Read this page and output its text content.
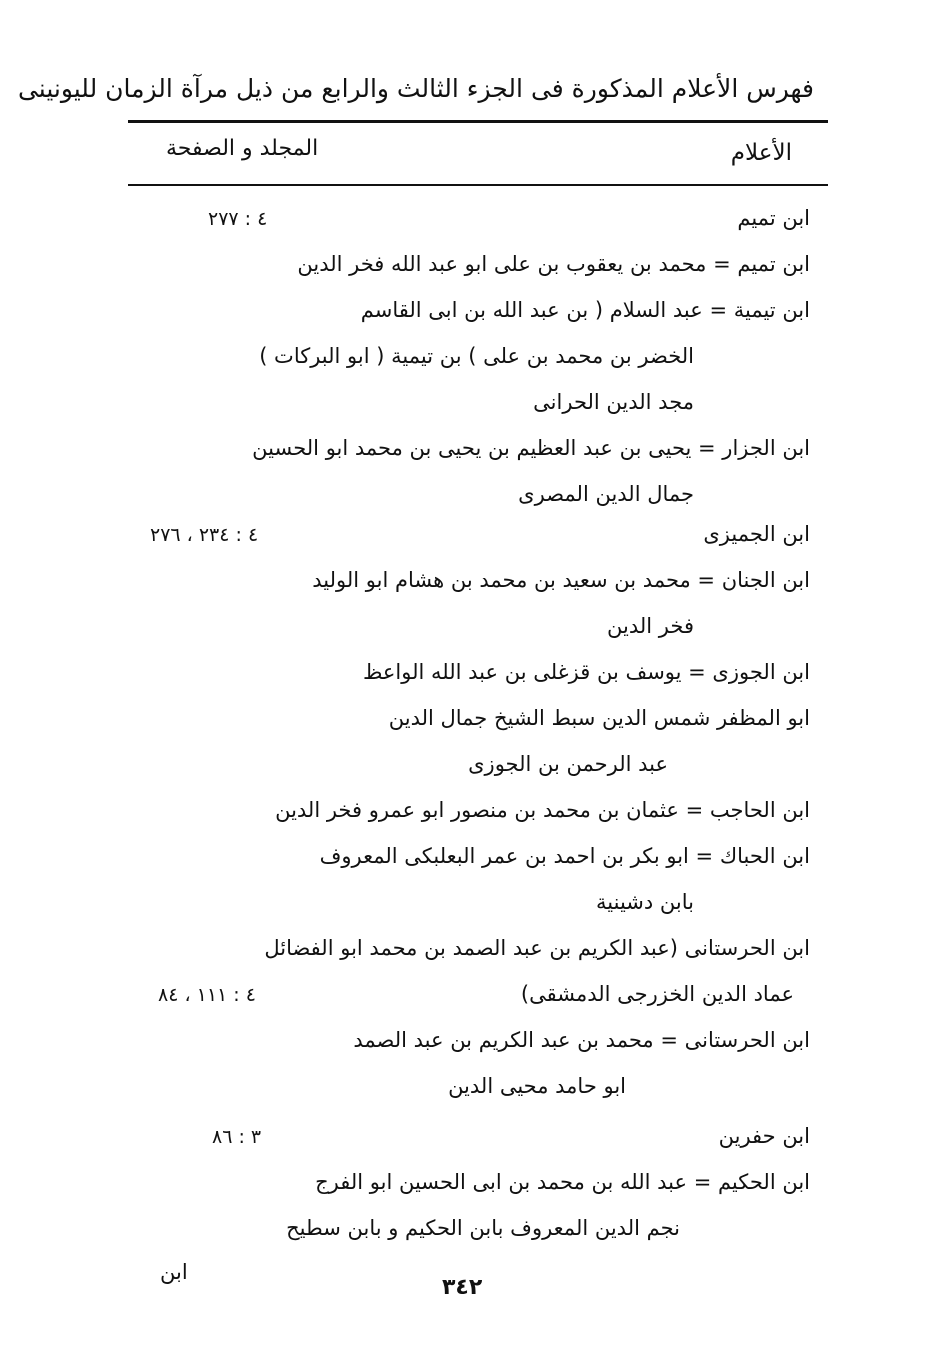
فهرس الأعلام المذكورة فى الجزء الثالث والرابع من ذيل مرآة الزمان لليونينى
الأعلام
المجلد و الصفحة
ابن تميم
ابن تميم = محمد بن يعقوب بن على ابو عبد الله فخر الدين
ابن تيمية = عبد السلام ( بن عبد الله بن ابى القاسم
الخضر بن محمد بن على ) بن تيمية ( ابو البركات )
مجد الدين الحرانى
ابن الجزار = يحيى بن عبد العظيم بن يحيى بن محمد ابو الحسين
جمال الدين المصرى
ابن الجميزى
ابن الجنان = محمد بن سعيد بن محمد بن هشام ابو الوليد
فخر الدين
ابن الجوزى = يوسف بن قزغلى بن عبد الله الواعظ
ابو المظفر شمس الدين سبط الشيخ جمال الدين
عبد الرحمن بن الجوزى
ابن الحاجب = عثمان بن محمد بن منصور ابو عمرو فخر الدين
ابن الحباك = ابو بكر بن احمد بن عمر البعلبكى المعروف
بابن دشينية
ابن الحرستانى (عبد الكريم بن عبد الصمد بن محمد ابو الفضائل
عماد الدين الخزرجى الدمشقى)
ابن الحرستانى = محمد بن عبد الكريم بن عبد الصمد
ابو حامد محيى الدين
ابن حفرين
ابن الحكيم = عبد الله بن محمد بن ابى الحسين ابو الفرج
نجم الدين المعروف بابن الحكيم و بابن سطيح
٤ : ٢٧٧
٤ : ٢٣٤ ، ٢٧٦
٤ : ١١١ ، ٨٤
٣ : ٨٦
ابن
٣٤٢
